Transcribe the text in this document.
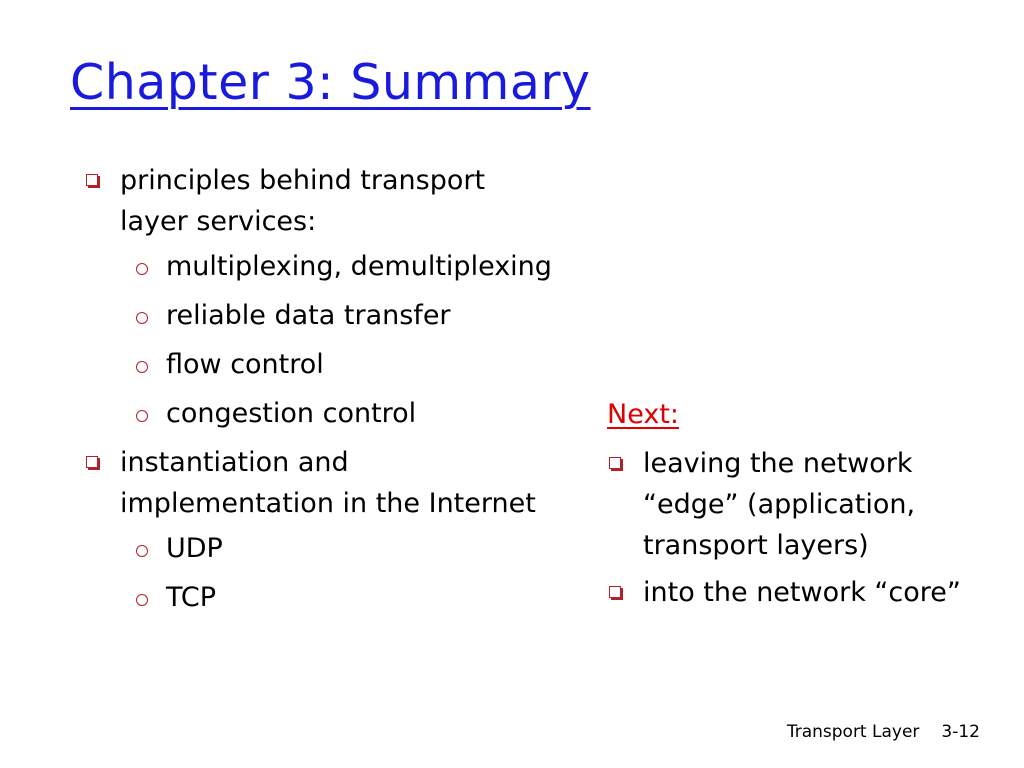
Chapter 3: Summary
principles behind transport layer services:
multiplexing, demultiplexing
reliable data transfer
flow control
congestion control
instantiation and implementation in the Internet
UDP
TCP
Next:
leaving the network “edge” (application, transport layers)
into the network “core”
Transport Layer 3-12
